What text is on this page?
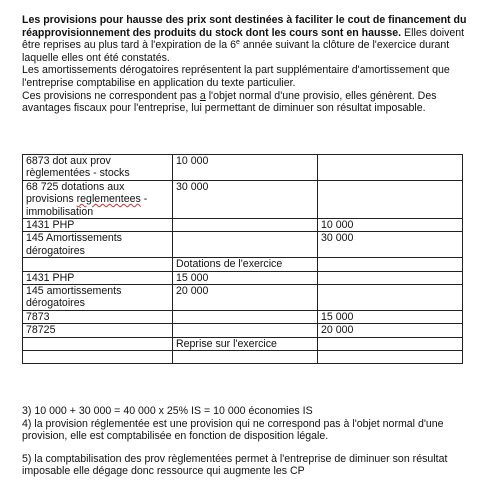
Les provisions pour hausse des prix sont destinées à faciliter le cout de financement du
réapprovisionnement des produits du stock dont les cours sont en hausse. Elles doivent
être reprises au plus tard à l'expiration de la 6e année suivant la clôture de l'exercice durant
laquelle elles ont été constatés.
Les amortissements dérogatoires représentent la part supplémentaire d'amortissement que
l'entreprise comptabilise en application du texte particulier.
Ces provisions ne correspondent pas a l'objet normal d'une provisio, elles génèrent. Des
avantages fiscaux pour l'entreprise, lui permettant de diminuer son résultat imposable.
6873 dot aux prov
règlementées - stocks	10 000	

68 725 dotations aux
provisions reglementees -
immobilisation	30 000	
1431 PHP		10 000

145 Amortissements
dérogatoires		30 000
	Dotations de l'exercice	
1431 PHP	15 000	

145 amortissements
dérogatoires	20 000	
7873		15 000
78725		20 000
	Reprise sur l'exercice	

3) 10 000 + 30 000 = 40 000 x 25% IS = 10 000 économies IS
4) la provision réglementée est une provision qui ne correspond pas à l'objet normal d'une
provision, elle est comptabilisée en fonction de disposition légale.
5) la comptabilisation des prov règlementées permet à l'entreprise de diminuer son résultat
imposable elle dégage donc ressource qui augmente les CP
